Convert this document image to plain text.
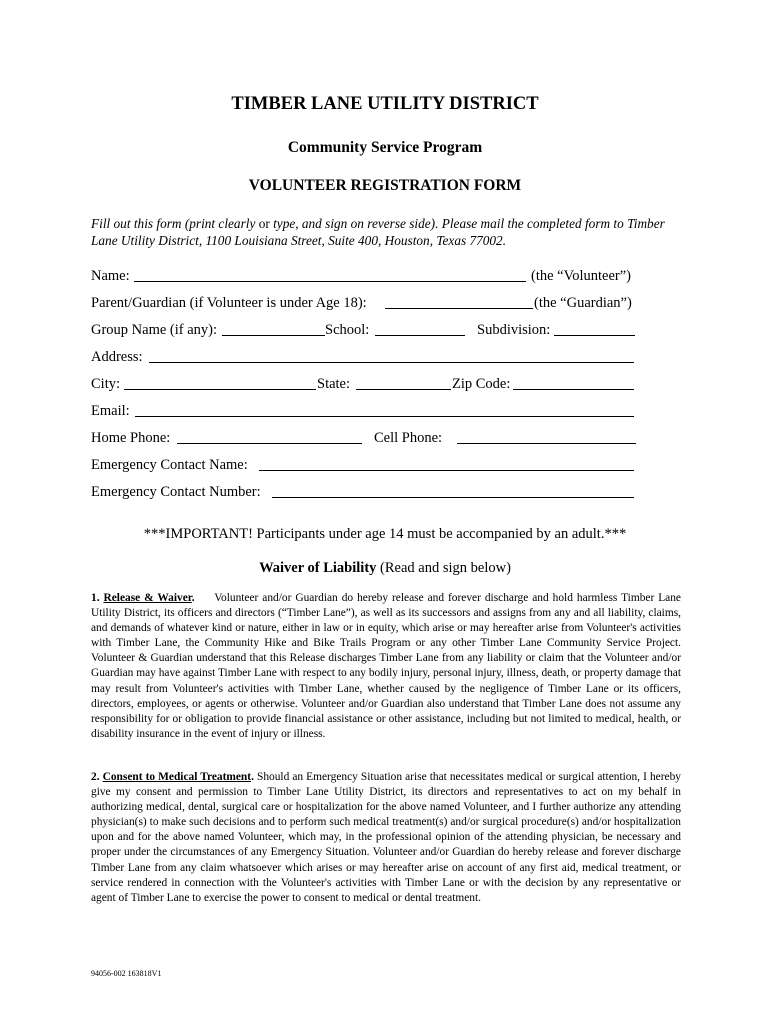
TIMBER LANE UTILITY DISTRICT
Community Service Program
VOLUNTEER REGISTRATION FORM
Fill out this form (print clearly or type, and sign on reverse side). Please mail the completed form to Timber Lane Utility District, 1100 Louisiana Street, Suite 400, Houston, Texas 77002.
Name:	(the “Volunteer”)
Parent/Guardian (if Volunteer is under Age 18):	(the “Guardian”)
Group Name (if any):	School:	Subdivision:
Address:
City:	State:	Zip Code:
Email:
Home Phone:	Cell Phone:
Emergency Contact Name:
Emergency Contact Number:
***IMPORTANT! Participants under age 14 must be accompanied by an adult.***
Waiver of Liability (Read and sign below)
1. Release & Waiver. Volunteer and/or Guardian do hereby release and forever discharge and hold harmless Timber Lane Utility District, its officers and directors (“Timber Lane”), as well as its successors and assigns from any and all liability, claims, and demands of whatever kind or nature, either in law or in equity, which arise or may hereafter arise from Volunteer's activities with Timber Lane, the Community Hike and Bike Trails Program or any other Timber Lane Community Service Project. Volunteer & Guardian understand that this Release discharges Timber Lane from any liability or claim that the Volunteer and/or Guardian may have against Timber Lane with respect to any bodily injury, personal injury, illness, death, or property damage that may result from Volunteer's activities with Timber Lane, whether caused by the negligence of Timber Lane or its officers, directors, employees, or agents or otherwise. Volunteer and/or Guardian also understand that Timber Lane does not assume any responsibility for or obligation to provide financial assistance or other assistance, including but not limited to medical, health, or disability insurance in the event of injury or illness.
2. Consent to Medical Treatment. Should an Emergency Situation arise that necessitates medical or surgical attention, I hereby give my consent and permission to Timber Lane Utility District, its directors and representatives to act on my behalf in authorizing medical, dental, surgical care or hospitalization for the above named Volunteer, and I further authorize any attending physician(s) to make such decisions and to perform such medical treatment(s) and/or surgical procedure(s) and/or hospitalization upon and for the above named Volunteer, which may, in the professional opinion of the attending physician, be necessary and proper under the circumstances of any Emergency Situation. Volunteer and/or Guardian do hereby release and forever discharge Timber Lane from any claim whatsoever which arises or may hereafter arise on account of any first aid, medical treatment, or service rendered in connection with the Volunteer's activities with Timber Lane or with the decision by any representative or agent of Timber Lane to exercise the power to consent to medical or dental treatment.
94056-002 163818V1
